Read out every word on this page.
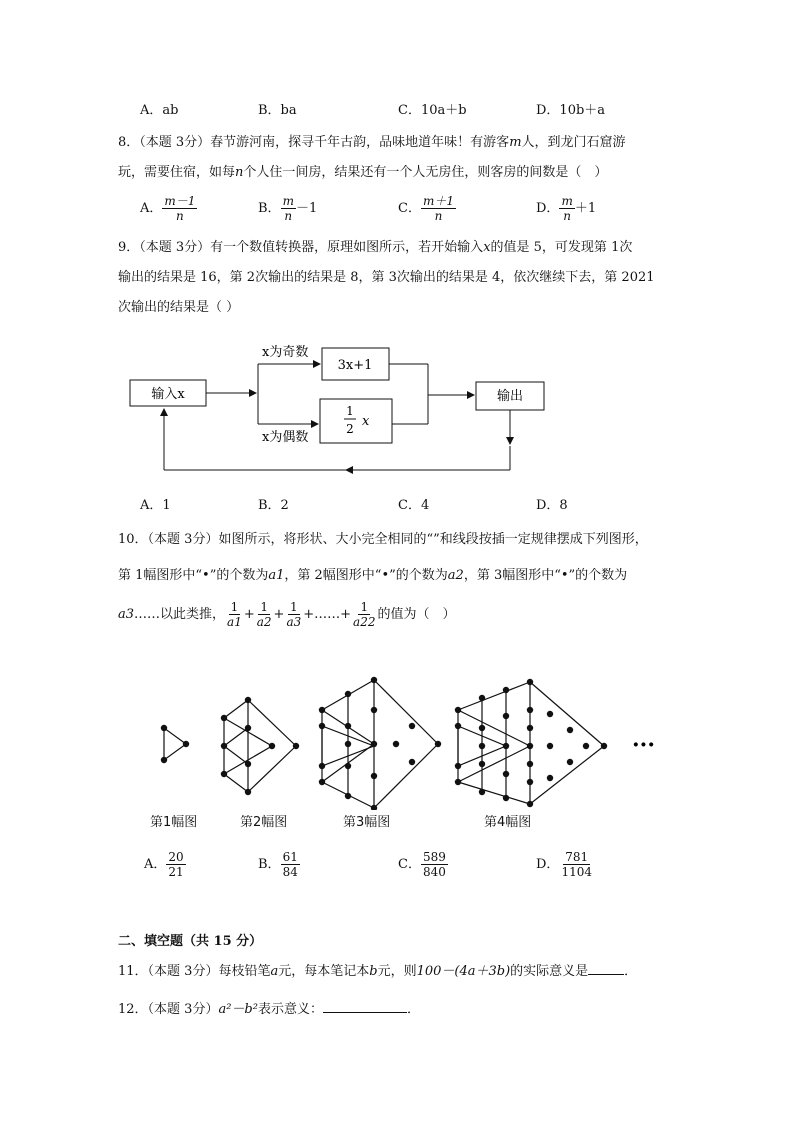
A．ab	B．ba	C．10a＋b	D．10b＋a
8．（本题 3分）春节游河南，探寻千年古韵，品味地道年味！有游客m人，到龙门石窟游
玩，需要住宿，如每n个人住一间房，结果还有一个人无房住，则客房的间数是（　）
A． $\frac{m-1}{n}$	B． $\frac{m}{n} -1$	C． $\frac{m+1}{n}$	D． $\frac{m}{n} +1$
9．（本题 3分）有一个数值转换器，原理如图所示，若开始输入x的值是 5，可发现第 1次
输出的结果是 16，第 2次输出的结果是 8，第 3次输出的结果是 4，依次继续下去，第 2021
次输出的结果是（ ）
输入x
x为奇数
x为偶数
3x+1
1
2 x
输出
A．1	B．2	C．4	D．8
10．（本题 3分）如图所示，将形状、大小完全相同的“”和线段按插一定规律摆成下列图形，
第 1幅图形中“•”的个数为a1，第 2幅图形中“•”的个数为a2，第 3幅图形中“•”的个数为
a3……以此类推， $\frac{1}{a1} + \frac{1}{a2} + \frac{1}{a3}$ +……+ $\frac{1}{a22}$ 的值为（　）
···
第1幅图	第2幅图	第3幅图	第4幅图
A． $\frac{20}{21}$	B． $\frac{61}{84}$	C． $\frac{589}{840}$	D． $\frac{781}{1104}$
二、填空题（共 15 分）
11．（本题 3分）每枝铅笔a元，每本笔记本b元，则100－(4a＋3b)的实际意义是	．
12．（本题 3分）a²－b²表示意义：	．
